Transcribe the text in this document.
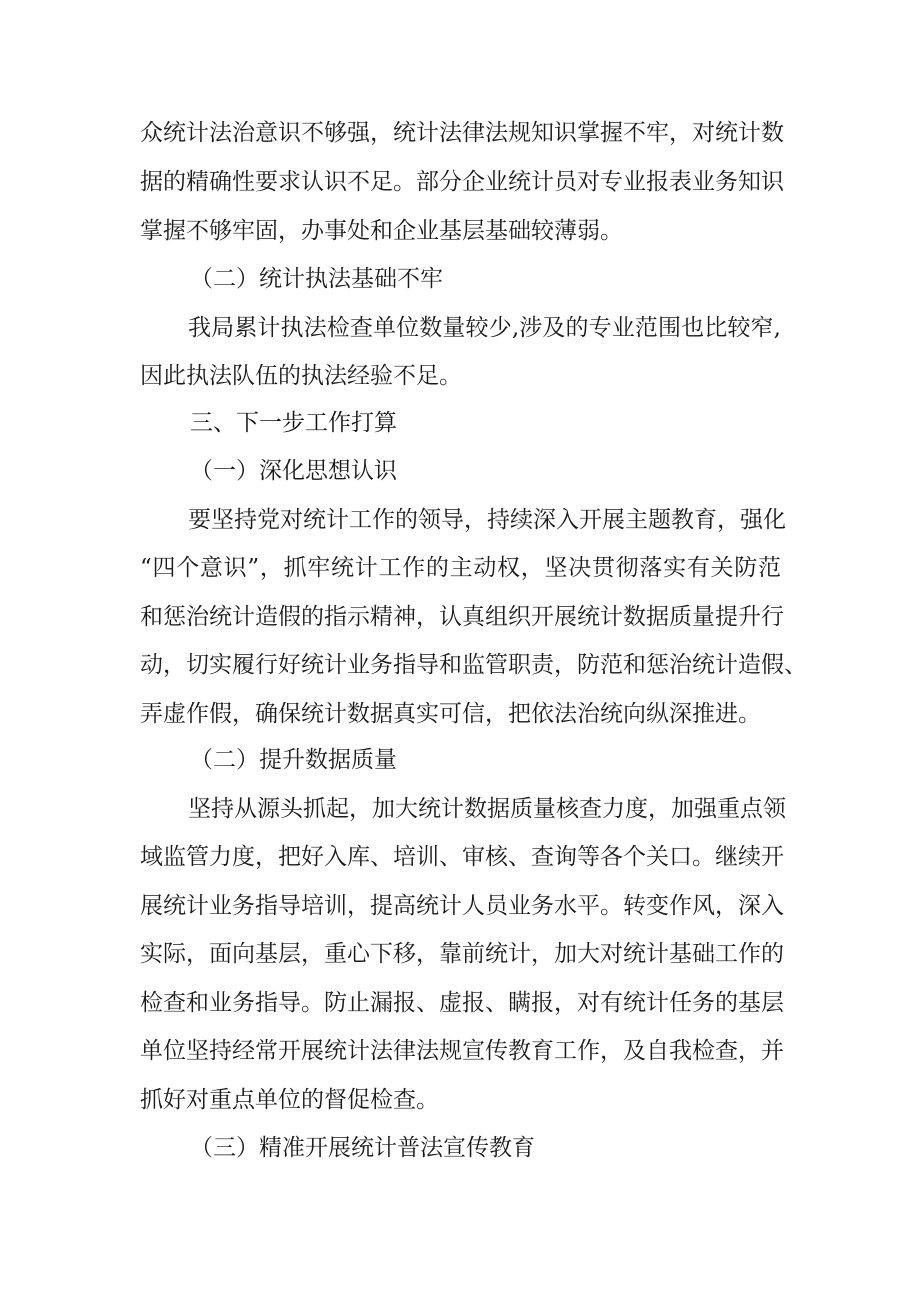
众统计法治意识不够强，统计法律法规知识掌握不牢，对统计数

据的精确性要求认识不足。部分企业统计员对专业报表业务知识

掌握不够牢固，办事处和企业基层基础较薄弱。

（二）统计执法基础不牢

我局累计执法检查单位数量较少,涉及的专业范围也比较窄,

因此执法队伍的执法经验不足。

三、下一步工作打算

（一）深化思想认识

要坚持党对统计工作的领导，持续深入开展主题教育，强化

“四个意识”，抓牢统计工作的主动权，坚决贯彻落实有关防范

和惩治统计造假的指示精神，认真组织开展统计数据质量提升行

动，切实履行好统计业务指导和监管职责，防范和惩治统计造假、

弄虚作假，确保统计数据真实可信，把依法治统向纵深推进。

（二）提升数据质量

坚持从源头抓起，加大统计数据质量核查力度，加强重点领

域监管力度，把好入库、培训、审核、查询等各个关口。继续开

展统计业务指导培训，提高统计人员业务水平。转变作风，深入

实际，面向基层，重心下移，靠前统计，加大对统计基础工作的

检查和业务指导。防止漏报、虚报、瞒报，对有统计任务的基层

单位坚持经常开展统计法律法规宣传教育工作，及自我检查，并

抓好对重点单位的督促检查。

（三）精准开展统计普法宣传教育
